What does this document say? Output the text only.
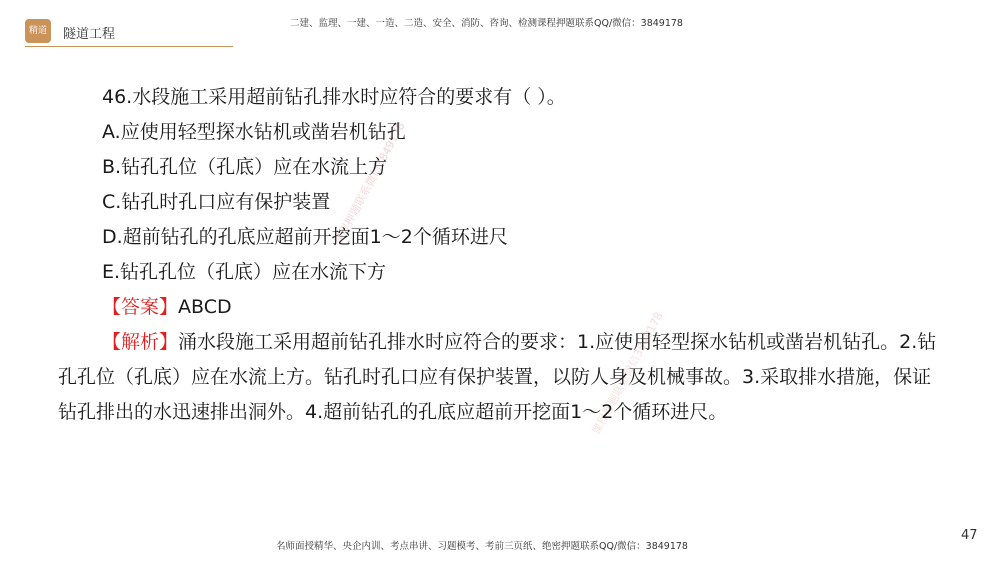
精道	隧道工程
二建、监理、一建、一造、二造、安全、消防、咨询、检测课程押题联系QQ/微信：3849178
课程押题联系微信3849178
课程押题联系微信3849178
46.水段施工采用超前钻孔排水时应符合的要求有（ ）。
A.应使用轻型探水钻机或凿岩机钻孔
B.钻孔孔位（孔底）应在水流上方
C.钻孔时孔口应有保护装置
D.超前钻孔的孔底应超前开挖面1～2个循环进尺
E.钻孔孔位（孔底）应在水流下方
【答案】ABCD
【解析】涌水段施工采用超前钻孔排水时应符合的要求：1.应使用轻型探水钻机或凿岩机钻孔。2.钻孔孔位（孔底）应在水流上方。钻孔时孔口应有保护装置，以防人身及机械事故。3.采取排水措施，保证钻孔排出的水迅速排出洞外。4.超前钻孔的孔底应超前开挖面1～2个循环进尺。
47
名师面授精华、央企内训、考点串讲、习题模考、考前三页纸、绝密押题联系QQ/微信：3849178
